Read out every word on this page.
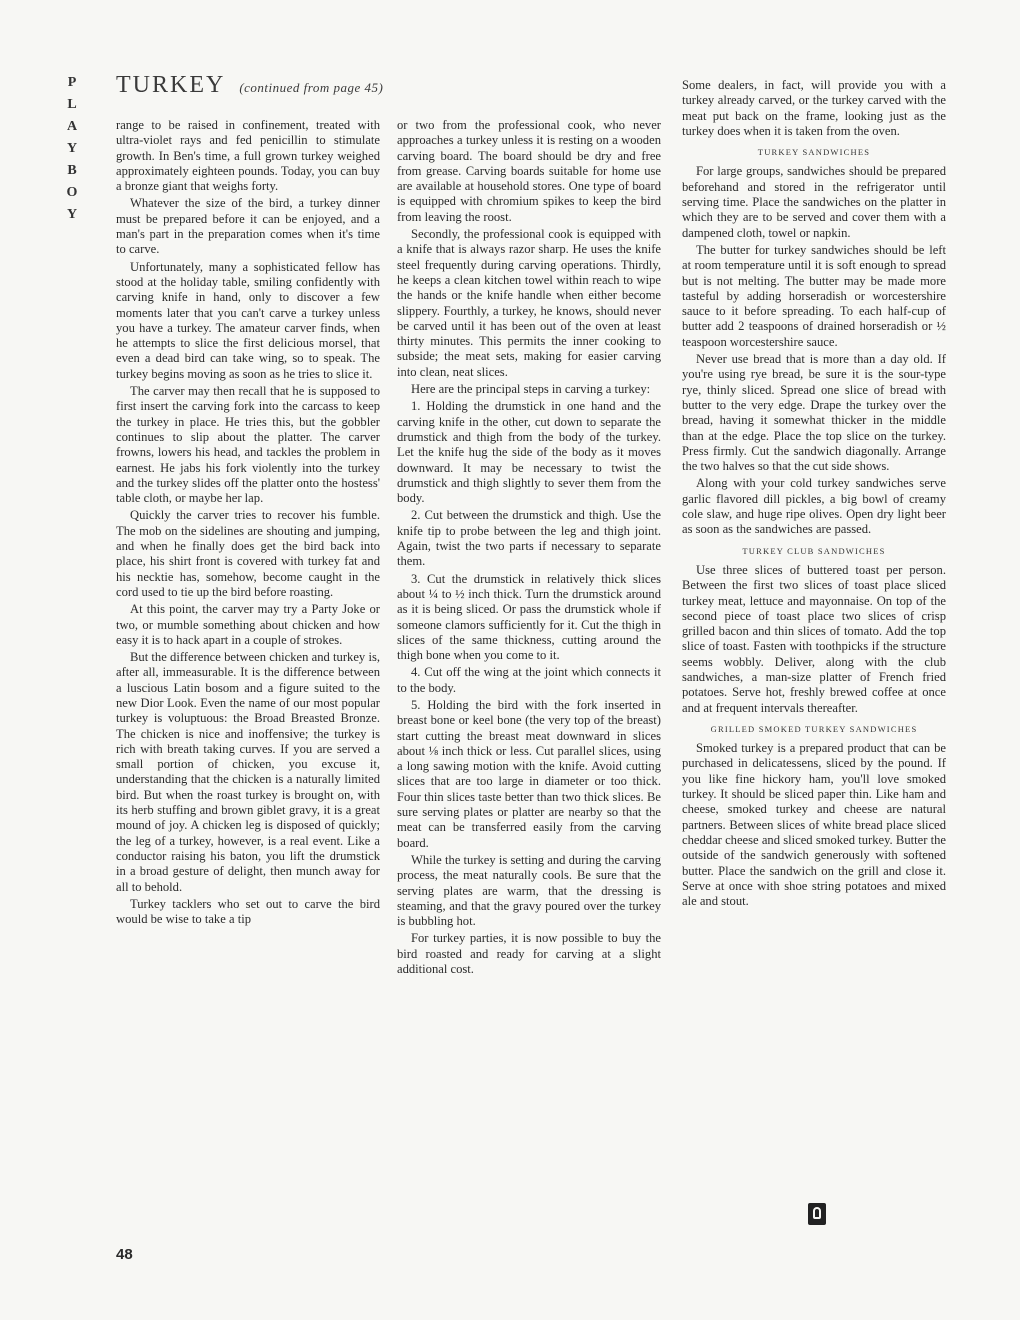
P
L
A
Y
B
O
Y
TURKEY (continued from page 45)

range to be raised in confinement, treated with ultra-violet rays and fed penicillin to stimulate growth. In Ben's time, a full grown turkey weighed approximately eighteen pounds. Today, you can buy a bronze giant that weighs forty.

Whatever the size of the bird, a turkey dinner must be prepared before it can be enjoyed, and a man's part in the preparation comes when it's time to carve.

Unfortunately, many a sophisticated fellow has stood at the holiday table, smiling confidently with carving knife in hand, only to discover a few moments later that you can't carve a turkey unless you have a turkey. The amateur carver finds, when he attempts to slice the first delicious morsel, that even a dead bird can take wing, so to speak. The turkey begins moving as soon as he tries to slice it.

The carver may then recall that he is supposed to first insert the carving fork into the carcass to keep the turkey in place. He tries this, but the gobbler continues to slip about the platter. The carver frowns, lowers his head, and tackles the problem in earnest. He jabs his fork violently into the turkey and the turkey slides off the platter onto the hostess' table cloth, or maybe her lap.

Quickly the carver tries to recover his fumble. The mob on the sidelines are shouting and jumping, and when he finally does get the bird back into place, his shirt front is covered with turkey fat and his necktie has, somehow, become caught in the cord used to tie up the bird before roasting.

At this point, the carver may try a Party Joke or two, or mumble something about chicken and how easy it is to hack apart in a couple of strokes.

But the difference between chicken and turkey is, after all, immeasurable. It is the difference between a luscious Latin bosom and a figure suited to the new Dior Look. Even the name of our most popular turkey is voluptuous: the Broad Breasted Bronze. The chicken is nice and inoffensive; the turkey is rich with breath taking curves. If you are served a small portion of chicken, you excuse it, understanding that the chicken is a naturally limited bird. But when the roast turkey is brought on, with its herb stuffing and brown giblet gravy, it is a great mound of joy. A chicken leg is disposed of quickly; the leg of a turkey, however, is a real event. Like a conductor raising his baton, you lift the drumstick in a broad gesture of delight, then munch away for all to behold.

Turkey tacklers who set out to carve the bird would be wise to take a tip

or two from the professional cook, who never approaches a turkey unless it is resting on a wooden carving board. The board should be dry and free from grease. Carving boards suitable for home use are available at household stores. One type of board is equipped with chromium spikes to keep the bird from leaving the roost.

Secondly, the professional cook is equipped with a knife that is always razor sharp. He uses the knife steel frequently during carving operations. Thirdly, he keeps a clean kitchen towel within reach to wipe the hands or the knife handle when either become slippery. Fourthly, a turkey, he knows, should never be carved until it has been out of the oven at least thirty minutes. This permits the inner cooking to subside; the meat sets, making for easier carving into clean, neat slices.

Here are the principal steps in carving a turkey:

1. Holding the drumstick in one hand and the carving knife in the other, cut down to separate the drumstick and thigh from the body of the turkey. Let the knife hug the side of the body as it moves downward. It may be necessary to twist the drumstick and thigh slightly to sever them from the body.

2. Cut between the drumstick and thigh. Use the knife tip to probe between the leg and thigh joint. Again, twist the two parts if necessary to separate them.

3. Cut the drumstick in relatively thick slices about ¼ to ½ inch thick. Turn the drumstick around as it is being sliced. Or pass the drumstick whole if someone clamors sufficiently for it. Cut the thigh in slices of the same thickness, cutting around the thigh bone when you come to it.

4. Cut off the wing at the joint which connects it to the body.

5. Holding the bird with the fork inserted in breast bone or keel bone (the very top of the breast) start cutting the breast meat downward in slices about ⅛ inch thick or less. Cut parallel slices, using a long sawing motion with the knife. Avoid cutting slices that are too large in diameter or too thick. Four thin slices taste better than two thick slices. Be sure serving plates or platter are nearby so that the meat can be transferred easily from the carving board.

While the turkey is setting and during the carving process, the meat naturally cools. Be sure that the serving plates are warm, that the dressing is steaming, and that the gravy poured over the turkey is bubbling hot.

For turkey parties, it is now possible to buy the bird roasted and ready for carving at a slight additional cost.

Some dealers, in fact, will provide you with a turkey already carved, or the turkey carved with the meat put back on the frame, looking just as the turkey does when it is taken from the oven.

TURKEY SANDWICHES

For large groups, sandwiches should be prepared beforehand and stored in the refrigerator until serving time. Place the sandwiches on the platter in which they are to be served and cover them with a dampened cloth, towel or napkin.

The butter for turkey sandwiches should be left at room temperature until it is soft enough to spread but is not melting. The butter may be made more tasteful by adding horseradish or worcestershire sauce to it before spreading. To each half-cup of butter add 2 teaspoons of drained horseradish or ½ teaspoon worcestershire sauce.

Never use bread that is more than a day old. If you're using rye bread, be sure it is the sour-type rye, thinly sliced. Spread one slice of bread with butter to the very edge. Drape the turkey over the bread, having it somewhat thicker in the middle than at the edge. Place the top slice on the turkey. Press firmly. Cut the sandwich diagonally. Arrange the two halves so that the cut side shows.

Along with your cold turkey sandwiches serve garlic flavored dill pickles, a big bowl of creamy cole slaw, and huge ripe olives. Open dry light beer as soon as the sandwiches are passed.

TURKEY CLUB SANDWICHES

Use three slices of buttered toast per person. Between the first two slices of toast place sliced turkey meat, lettuce and mayonnaise. On top of the second piece of toast place two slices of crisp grilled bacon and thin slices of tomato. Add the top slice of toast. Fasten with toothpicks if the structure seems wobbly. Deliver, along with the club sandwiches, a man-size platter of French fried potatoes. Serve hot, freshly brewed coffee at once and at frequent intervals thereafter.

GRILLED SMOKED TURKEY SANDWICHES

Smoked turkey is a prepared product that can be purchased in delicatessens, sliced by the pound. If you like fine hickory ham, you'll love smoked turkey. It should be sliced paper thin. Like ham and cheese, smoked turkey and cheese are natural partners. Between slices of white bread place sliced cheddar cheese and sliced smoked turkey. Butter the outside of the sandwich generously with softened butter. Place the sandwich on the grill and close it. Serve at once with shoe string potatoes and mixed ale and stout.

48
